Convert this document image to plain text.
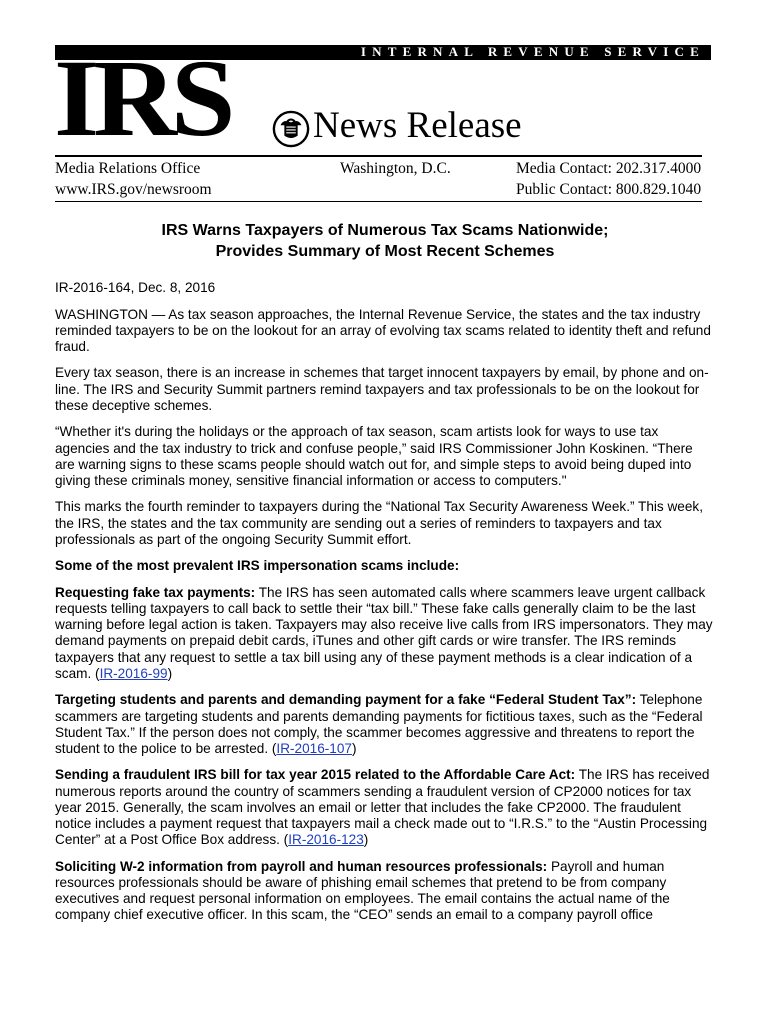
INTERNAL REVENUE SERVICE
IRS News Release
Media Relations Office
www.IRS.gov/newsroom
Washington, D.C.	Media Contact: 202.317.4000
Public Contact: 800.829.1040
IRS Warns Taxpayers of Numerous Tax Scams Nationwide;
Provides Summary of Most Recent Schemes

IR-2016-164, Dec. 8, 2016

WASHINGTON — As tax season approaches, the Internal Revenue Service, the states and the tax industry reminded taxpayers to be on the lookout for an array of evolving tax scams related to identity theft and refund fraud.

Every tax season, there is an increase in schemes that target innocent taxpayers by email, by phone and on-line. The IRS and Security Summit partners remind taxpayers and tax professionals to be on the lookout for these deceptive schemes.

“Whether it's during the holidays or the approach of tax season, scam artists look for ways to use tax agencies and the tax industry to trick and confuse people,” said IRS Commissioner John Koskinen. “There are warning signs to these scams people should watch out for, and simple steps to avoid being duped into giving these criminals money, sensitive financial information or access to computers."

This marks the fourth reminder to taxpayers during the “National Tax Security Awareness Week.” This week, the IRS, the states and the tax community are sending out a series of reminders to taxpayers and tax professionals as part of the ongoing Security Summit effort.

Some of the most prevalent IRS impersonation scams include:

Requesting fake tax payments: The IRS has seen automated calls where scammers leave urgent callback requests telling taxpayers to call back to settle their “tax bill.” These fake calls generally claim to be the last warning before legal action is taken. Taxpayers may also receive live calls from IRS impersonators. They may demand payments on prepaid debit cards, iTunes and other gift cards or wire transfer. The IRS reminds taxpayers that any request to settle a tax bill using any of these payment methods is a clear indication of a scam. (IR-2016-99)

Targeting students and parents and demanding payment for a fake “Federal Student Tax”: Telephone scammers are targeting students and parents demanding payments for fictitious taxes, such as the “Federal Student Tax.” If the person does not comply, the scammer becomes aggressive and threatens to report the student to the police to be arrested. (IR-2016-107)

Sending a fraudulent IRS bill for tax year 2015 related to the Affordable Care Act: The IRS has received numerous reports around the country of scammers sending a fraudulent version of CP2000 notices for tax year 2015. Generally, the scam involves an email or letter that includes the fake CP2000. The fraudulent notice includes a payment request that taxpayers mail a check made out to “I.R.S.” to the “Austin Processing Center” at a Post Office Box address. (IR-2016-123)

Soliciting W-2 information from payroll and human resources professionals: Payroll and human resources professionals should be aware of phishing email schemes that pretend to be from company executives and request personal information on employees. The email contains the actual name of the company chief executive officer. In this scam, the “CEO” sends an email to a company payroll office
